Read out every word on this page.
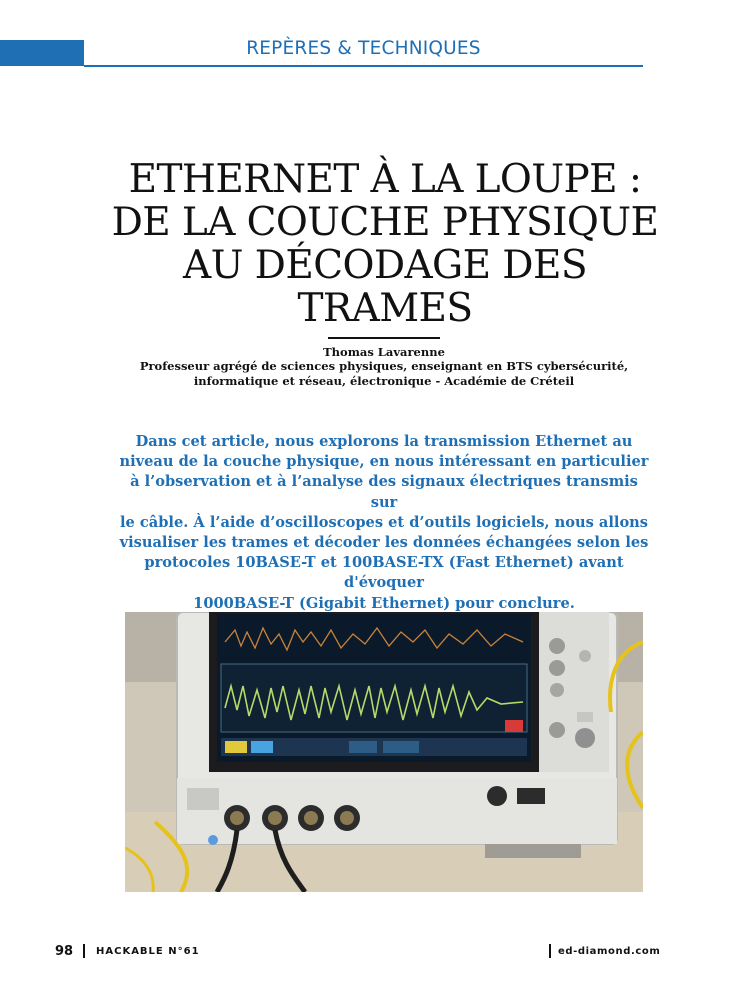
REPÈRES & TECHNIQUES
ETHERNET À LA LOUPE :
DE LA COUCHE PHYSIQUE
AU DÉCODAGE DES
TRAMES
Thomas Lavarenne
Professeur agrégé de sciences physiques, enseignant en BTS cybersécurité,
informatique et réseau, électronique - Académie de Créteil
Dans cet article, nous explorons la transmission Ethernet au
niveau de la couche physique, en nous intéressant en particulier
à l’observation et à l’analyse des signaux électriques transmis sur
le câble. À l’aide d’oscilloscopes et d’outils logiciels, nous allons
visualiser les trames et décoder les données échangées selon les
protocoles 10BASE-T et 100BASE-TX (Fast Ethernet) avant d'évoquer
1000BASE-T (Gigabit Ethernet) pour conclure.
98 HACKABLE N°61	ed-diamond.com
